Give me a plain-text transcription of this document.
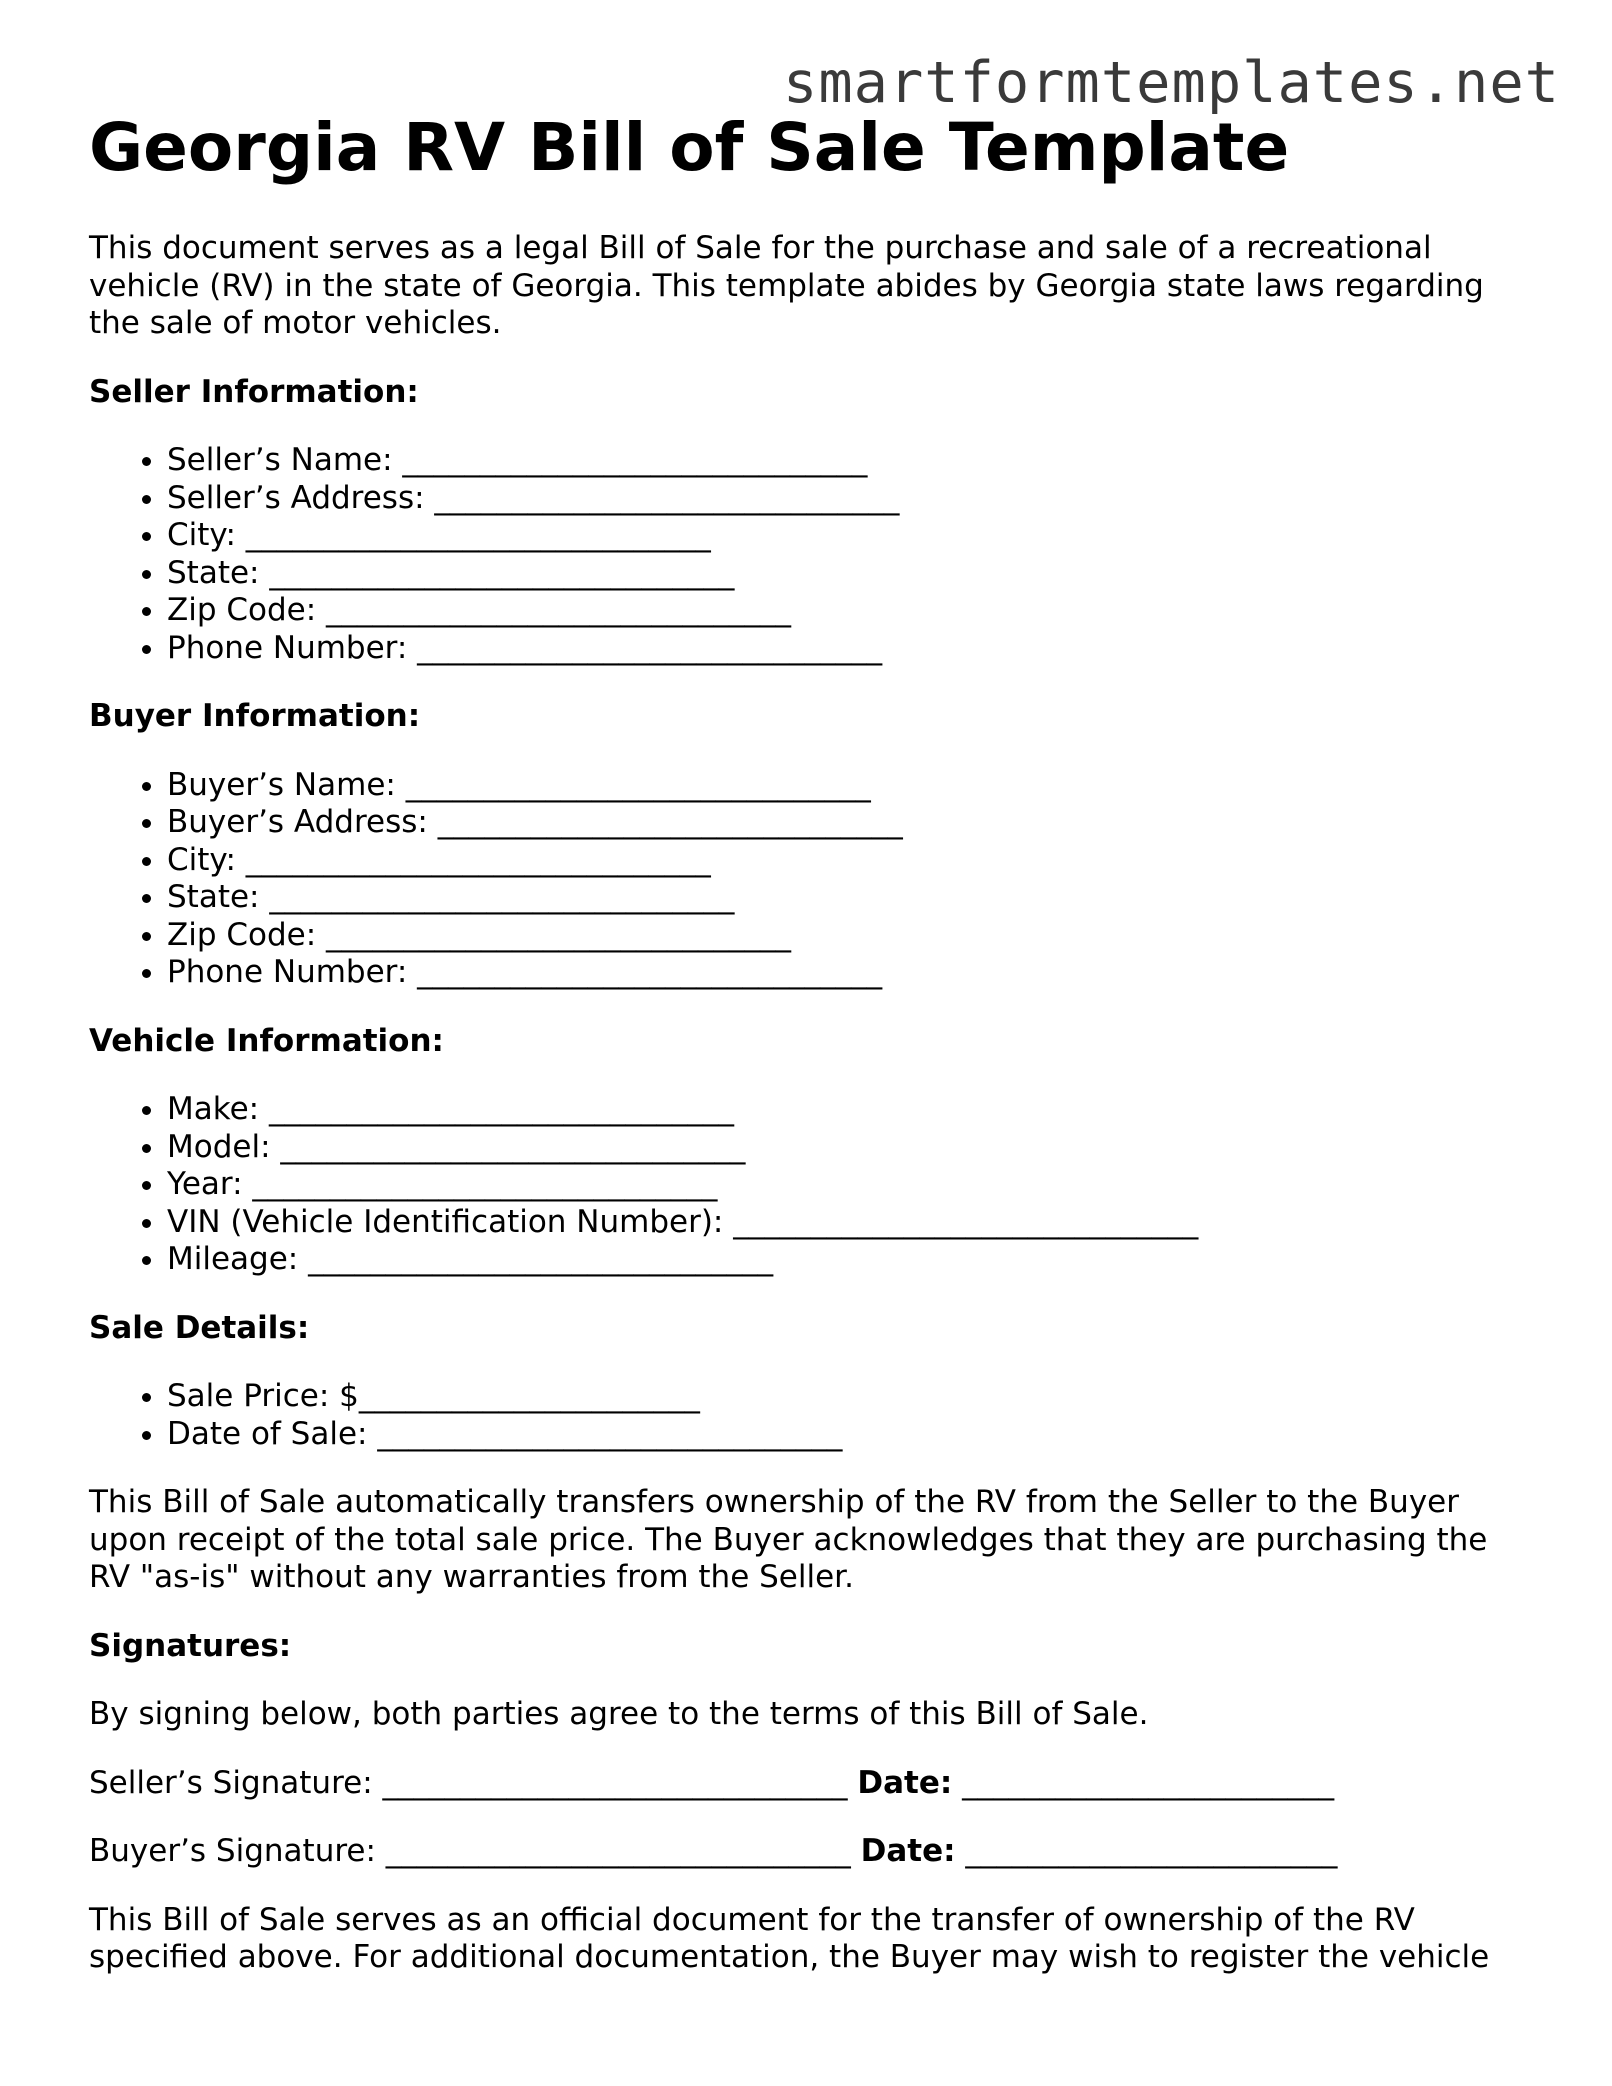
smartformtemplates.net
Georgia RV Bill of Sale Template

This document serves as a legal Bill of Sale for the purchase and sale of a recreational vehicle (RV) in the state of Georgia. This template abides by Georgia state laws regarding the sale of motor vehicles.

Seller Information:

• Seller’s Name: ______________________________
• Seller’s Address: ______________________________
• City: ______________________________
• State: ______________________________
• Zip Code: ______________________________
• Phone Number: ______________________________

Buyer Information:

• Buyer’s Name: ______________________________
• Buyer’s Address: ______________________________
• City: ______________________________
• State: ______________________________
• Zip Code: ______________________________
• Phone Number: ______________________________

Vehicle Information:

• Make: ______________________________
• Model: ______________________________
• Year: ______________________________
• VIN (Vehicle Identification Number): ______________________________
• Mileage: ______________________________

Sale Details:

• Sale Price: $______________________
• Date of Sale: ______________________________

This Bill of Sale automatically transfers ownership of the RV from the Seller to the Buyer upon receipt of the total sale price. The Buyer acknowledges that they are purchasing the RV "as-is" without any warranties from the Seller.

Signatures:

By signing below, both parties agree to the terms of this Bill of Sale.

Seller’s Signature: ______________________________ Date: ________________________

Buyer’s Signature: ______________________________ Date: ________________________

This Bill of Sale serves as an official document for the transfer of ownership of the RV specified above. For additional documentation, the Buyer may wish to register the vehicle
